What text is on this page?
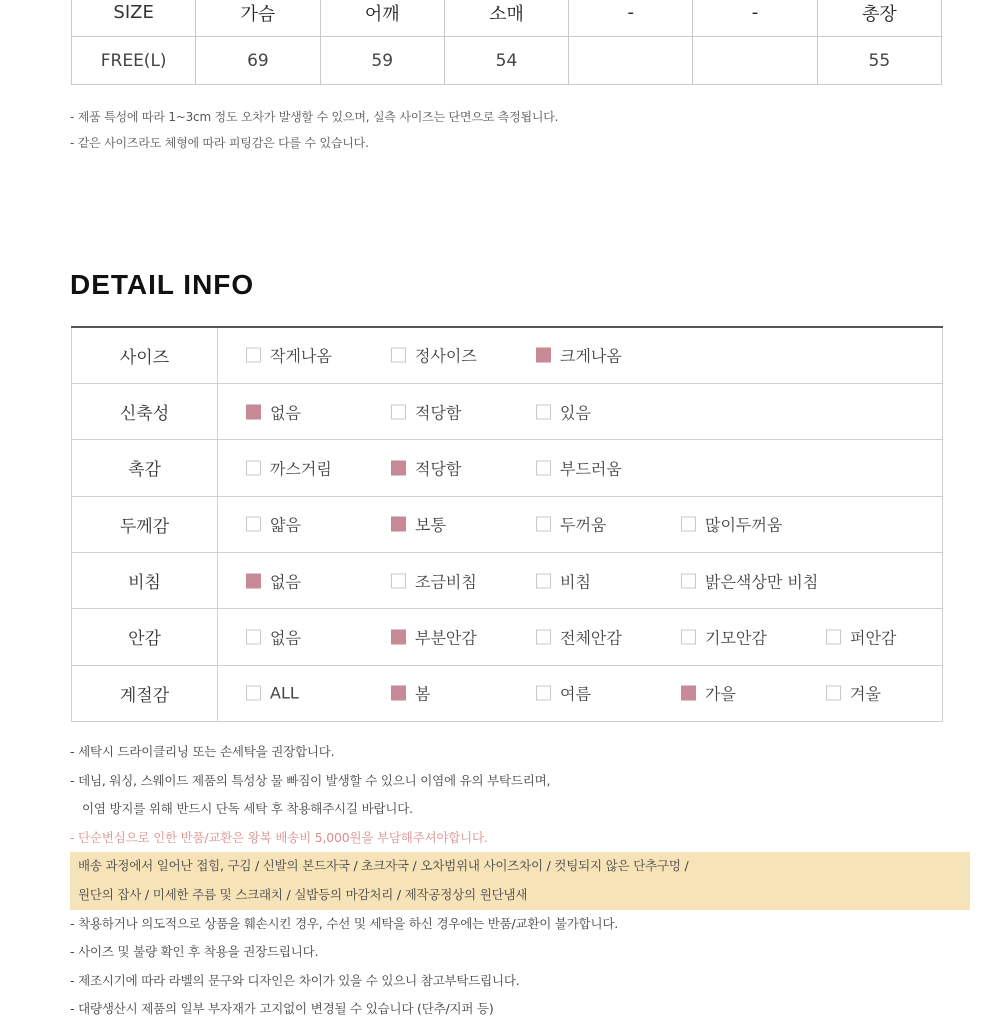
SIZE	가슴	어깨	소매	-	-	총장
FREE(L)	69	59	54			55
- 제품 특성에 따라 1~3cm 정도 오차가 발생할 수 있으며, 실측 사이즈는 단면으로 측정됩니다.
- 같은 사이즈라도 체형에 따라 피팅감은 다를 수 있습니다.
DETAIL INFO
사이즈	작게나옴 정사이즈 크게나옴

신축성	없음 적당함 있음

촉감	까스거림 적당함 부드러움

두께감	얇음 보통 두꺼움 많이두꺼움

비침	없음 조금비침 비침 밝은색상만 비침

안감	없음 부분안감 전체안감 기모안감 퍼안감

계절감	ALL 봄 여름 가을 겨울
- 세탁시 드라이클리닝 또는 손세탁을 권장합니다.
- 데님, 워싱, 스웨이드 제품의 특성상 물 빠짐이 발생할 수 있으니 이염에 유의 부탁드리며,
이염 방지를 위해 반드시 단독 세탁 후 착용해주시길 바랍니다.
- 단순변심으로 인한 반품/교환은 왕복 배송비 5,000원을 부담해주셔야합니다.
배송 과정에서 일어난 접힘, 구김 / 신발의 본드자국 / 초크자국 / 오차범위내 사이즈차이 / 컷팅되지 않은 단추구멍 /
원단의 잡사 / 미세한 주름 및 스크래치 / 실밥등의 마감처리 / 제작공정상의 원단냄새
- 착용하거나 의도적으로 상품을 훼손시킨 경우, 수선 및 세탁을 하신 경우에는 반품/교환이 불가합니다.
- 사이즈 및 불량 확인 후 착용을 권장드립니다.
- 제조시기에 따라 라벨의 문구와 디자인은 차이가 있을 수 있으니 참고부탁드립니다.
- 대량생산시 제품의 일부 부자재가 고지없이 변경될 수 있습니다 (단추/지퍼 등)
